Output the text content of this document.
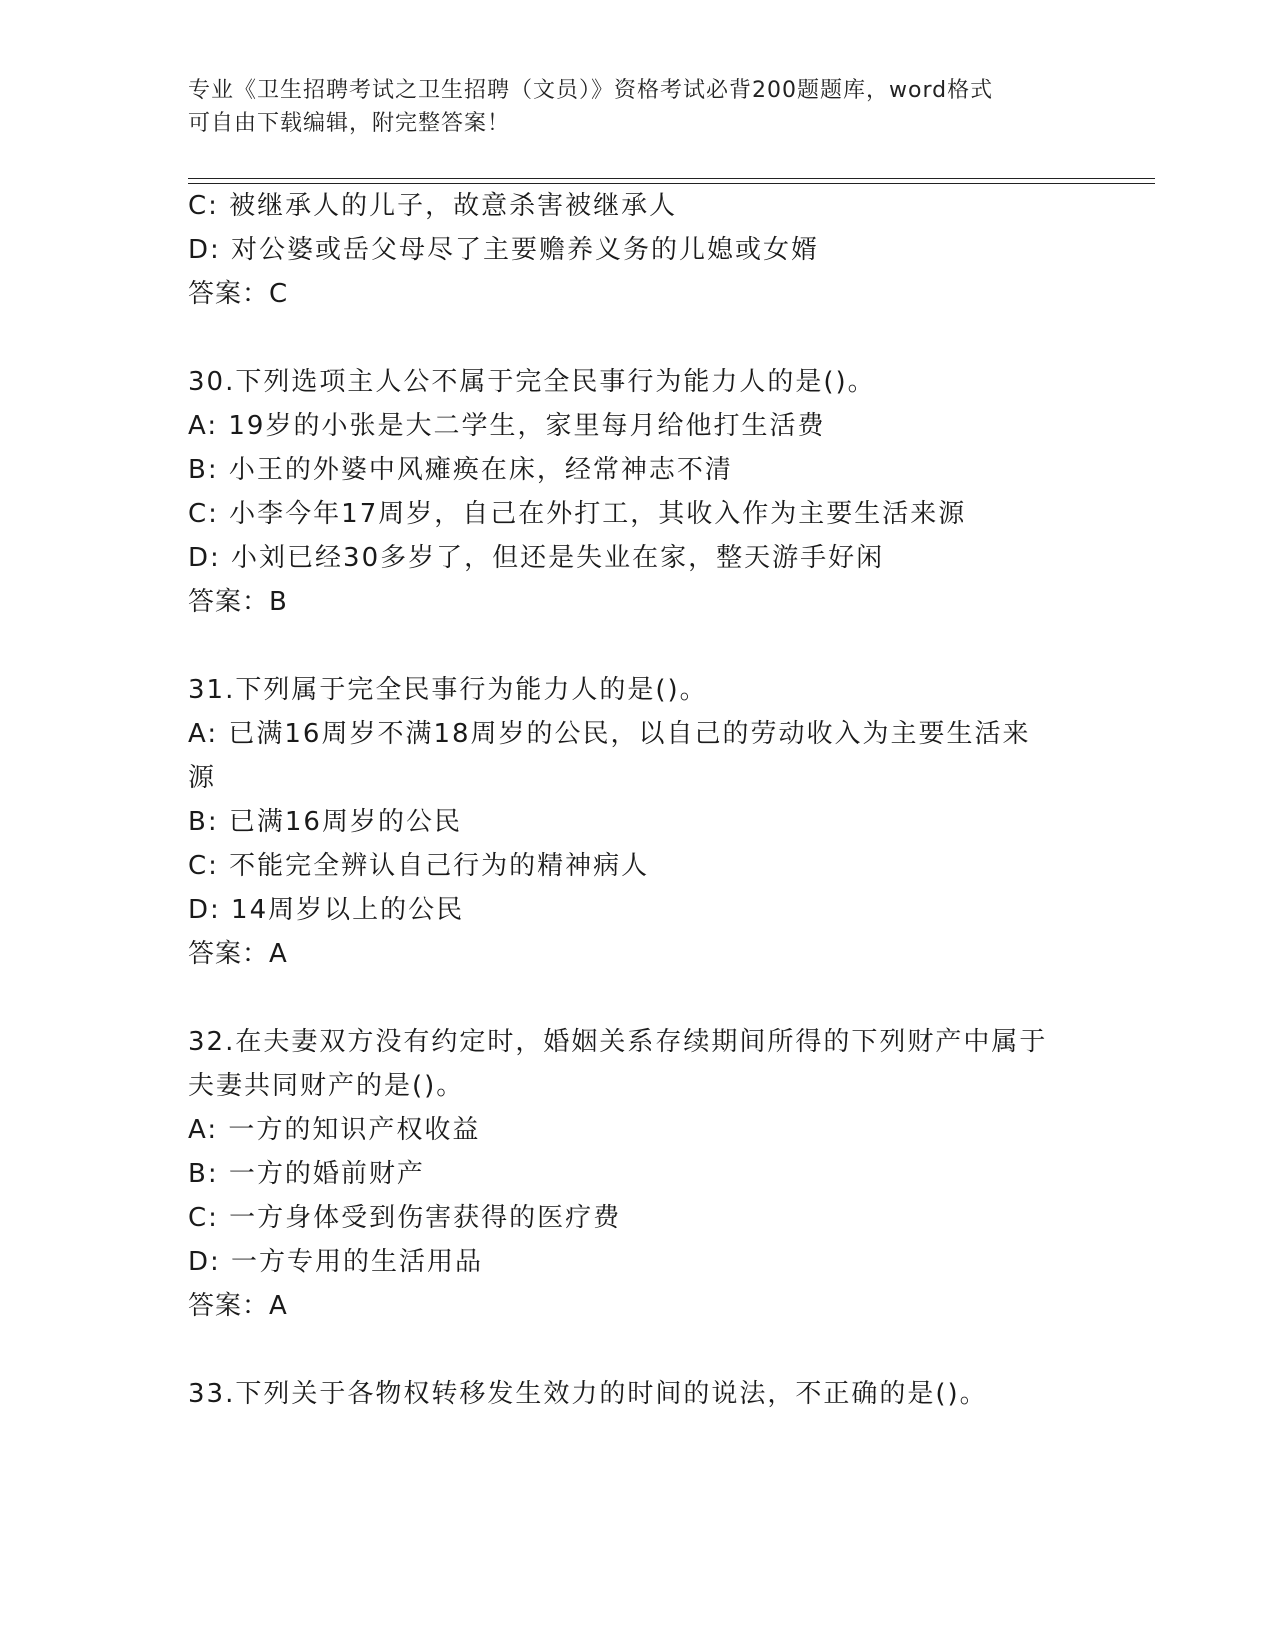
专业《卫生招聘考试之卫生招聘（文员）》资格考试必背200题题库，word格式
可自由下载编辑，附完整答案！
C: 被继承人的儿子，故意杀害被继承人
D: 对公婆或岳父母尽了主要赡养义务的儿媳或女婿
答案：C
30.下列选项主人公不属于完全民事行为能力人的是()。
A: 19岁的小张是大二学生，家里每月给他打生活费
B: 小王的外婆中风瘫痪在床，经常神志不清
C: 小李今年17周岁，自己在外打工，其收入作为主要生活来源
D: 小刘已经30多岁了，但还是失业在家，整天游手好闲
答案：B
31.下列属于完全民事行为能力人的是()。
A: 已满16周岁不满18周岁的公民，以自己的劳动收入为主要生活来
源
B: 已满16周岁的公民
C: 不能完全辨认自己行为的精神病人
D: 14周岁以上的公民
答案：A
32.在夫妻双方没有约定时，婚姻关系存续期间所得的下列财产中属于
夫妻共同财产的是()。
A: 一方的知识产权收益
B: 一方的婚前财产
C: 一方身体受到伤害获得的医疗费
D: 一方专用的生活用品
答案：A
33.下列关于各物权转移发生效力的时间的说法，不正确的是()。
